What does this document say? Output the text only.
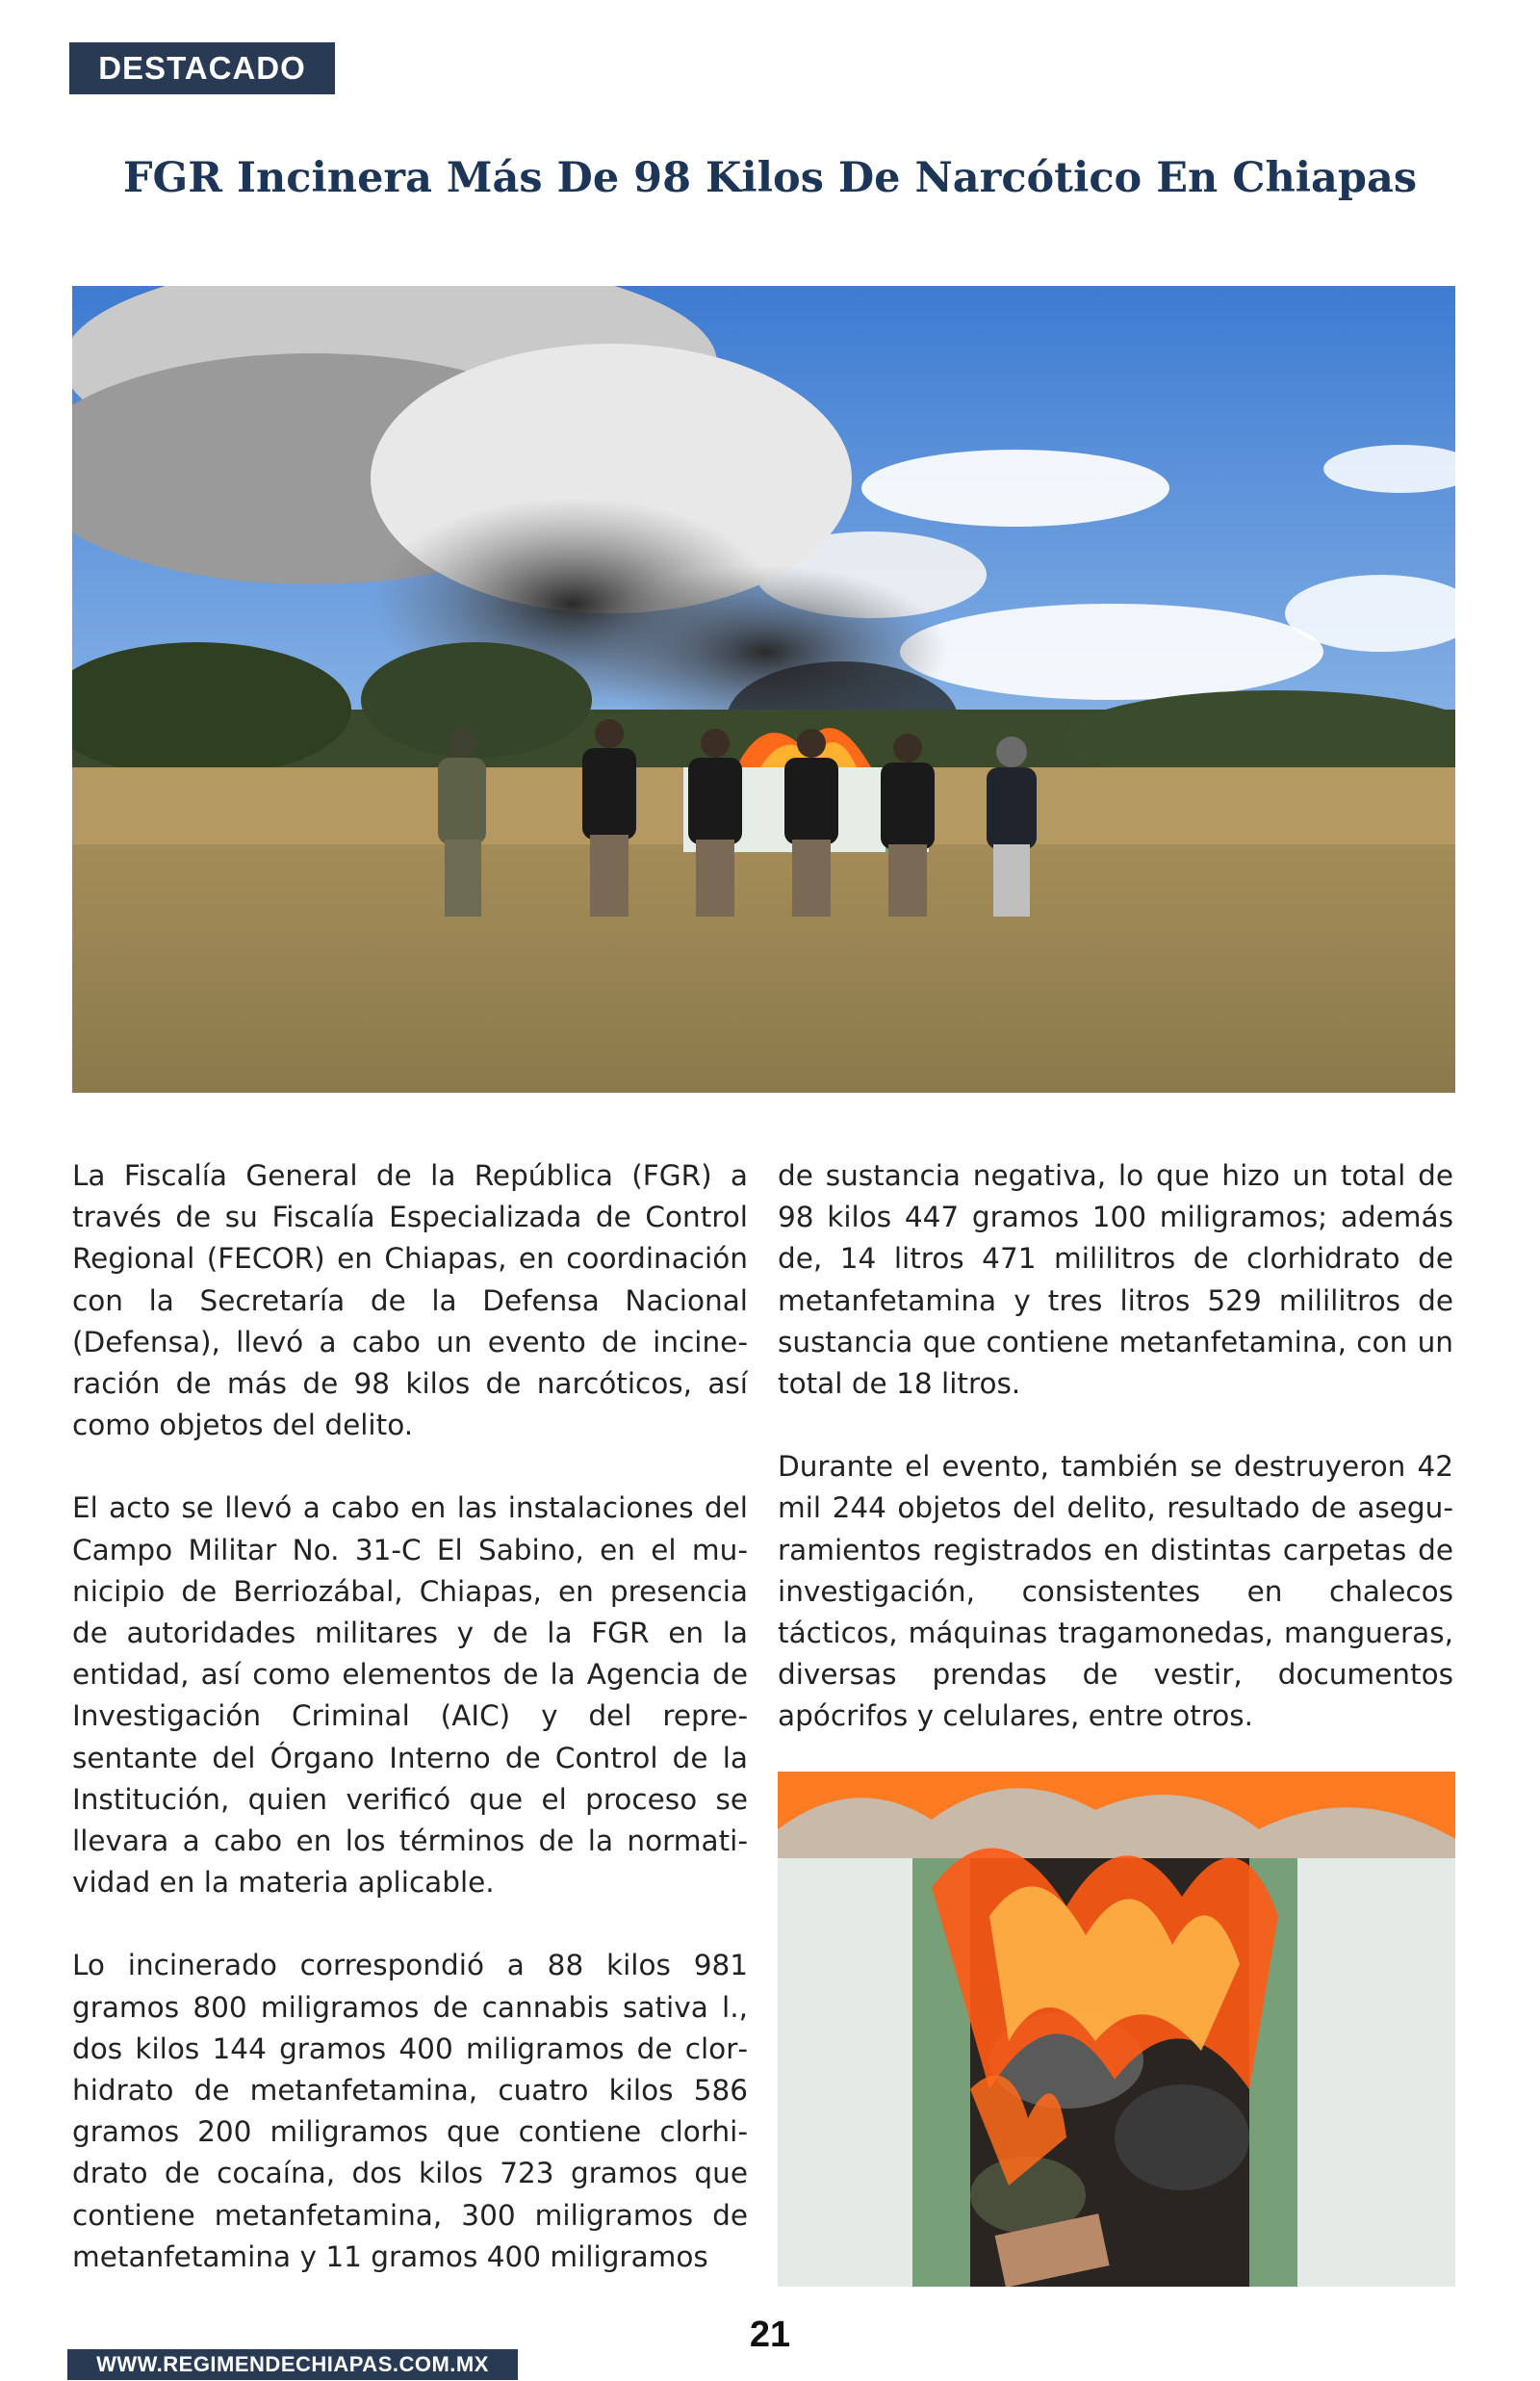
DESTACADO
FGR Incinera Más De 98 Kilos De Narcótico En Chiapas

La Fiscalía General de la República (FGR) a través de su Fiscalía Especializada de Control Regional (FECOR) en Chiapas, en coordinación con la Secretaría de la Defensa Nacional (Defensa), llevó a cabo un evento de incineración de más de 98 kilos de narcóticos, así como objetos del delito.

El acto se llevó a cabo en las instalaciones del Campo Militar No. 31-C El Sabino, en el municipio de Berriozábal, Chiapas, en presencia de autoridades militares y de la FGR en la entidad, así como elementos de la Agencia de Investigación Criminal (AIC) y del representante del Órgano Interno de Control de la Institución, quien verificó que el proceso se llevara a cabo en los términos de la normatividad en la materia aplicable.

Lo incinerado correspondió a 88 kilos 981 gramos 800 miligramos de cannabis sativa l., dos kilos 144 gramos 400 miligramos de clorhidrato de metanfetamina, cuatro kilos 586 gramos 200 miligramos que contiene clorhidrato de cocaína, dos kilos 723 gramos que contiene metanfetamina, 300 miligramos de metanfetamina y 11 gramos 400 miligramos

de sustancia negativa, lo que hizo un total de 98 kilos 447 gramos 100 miligramos; además de, 14 litros 471 mililitros de clorhidrato de metanfetamina y tres litros 529 mililitros de sustancia que contiene metanfetamina, con un total de 18 litros.

Durante el evento, también se destruyeron 42 mil 244 objetos del delito, resultado de aseguramientos registrados en distintas carpetas de investigación, consistentes en chalecos tácticos, máquinas tragamonedas, mangueras, diversas prendas de vestir, documentos apócrifos y celulares, entre otros.

21
WWW.REGIMENDECHIAPAS.COM.MX
